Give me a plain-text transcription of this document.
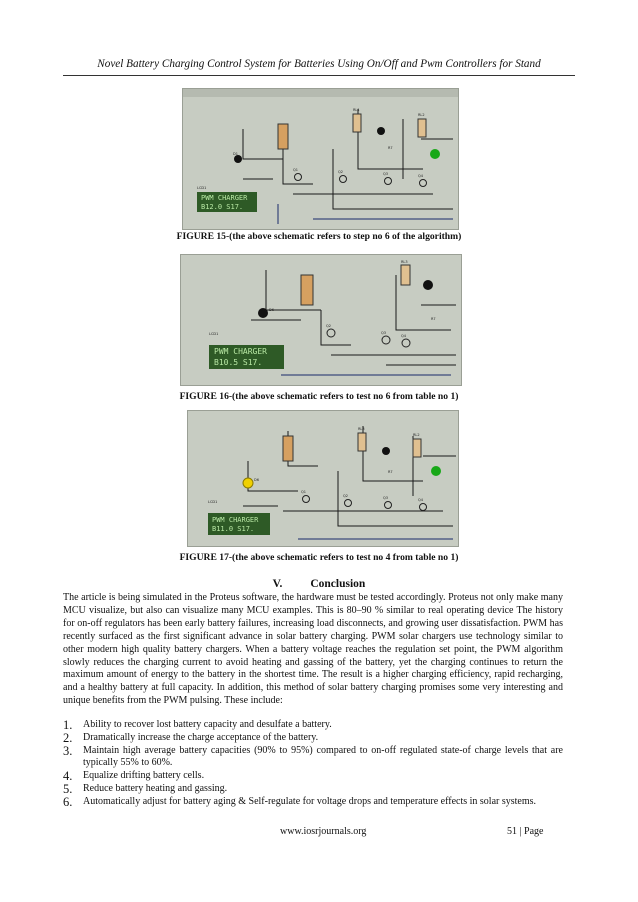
Novel Battery Charging Control System for Batteries Using On/Off and Pwm Controllers for Stand
PWM CHARGER
B12.0 S17.
LCD1
D1
RL1
RL2
Q1	Q2	Q3	Q4
R7
FIGURE 15-(the above schematic refers to step no 6 of the algorithm)
PWM CHARGER
B10.5 S17.
LCD1
D6
RL3
Q2
Q3
Q4
R7
FIGURE 16-(the above schematic refers to test no 6 from table no 1)
PWM CHARGER
B11.0 S17.
LCD1
D6
RL3
RL2
Q1
Q2	Q3	Q4
R7
FIGURE 17-(the above schematic refers to test no 4 from table no 1)
V. Conclusion
The article is being simulated in the Proteus software, the hardware must be tested accordingly. Proteus not only make many MCU visualize, but also can visualize many MCU examples. This is 80–90 % similar to real operating device The history for on-off regulators has been early battery failures, increasing load disconnects, and growing user dissatisfaction. PWM has recently surfaced as the first significant advance in solar battery charging. PWM solar chargers use technology similar to other modern high quality battery chargers. When a battery voltage reaches the regulation set point, the PWM algorithm slowly reduces the charging current to avoid heating and gassing of the battery, yet the charging continues to return the maximum amount of energy to the battery in the shortest time. The result is a higher charging efficiency, rapid recharging, and a healthy battery at full capacity. In addition, this method of solar battery charging promises some very interesting and unique benefits from the PWM pulsing. These include:
1. Ability to recover lost battery capacity and desulfate a battery.
2. Dramatically increase the charge acceptance of the battery.
3. Maintain high average battery capacities (90% to 95%) compared to on-off regulated state-of charge levels that are typically 55% to 60%.
4. Equalize drifting battery cells.
5. Reduce battery heating and gassing.
6. Automatically adjust for battery aging & Self-regulate for voltage drops and temperature effects in solar systems.
www.iosrjournals.org	51 | Page
